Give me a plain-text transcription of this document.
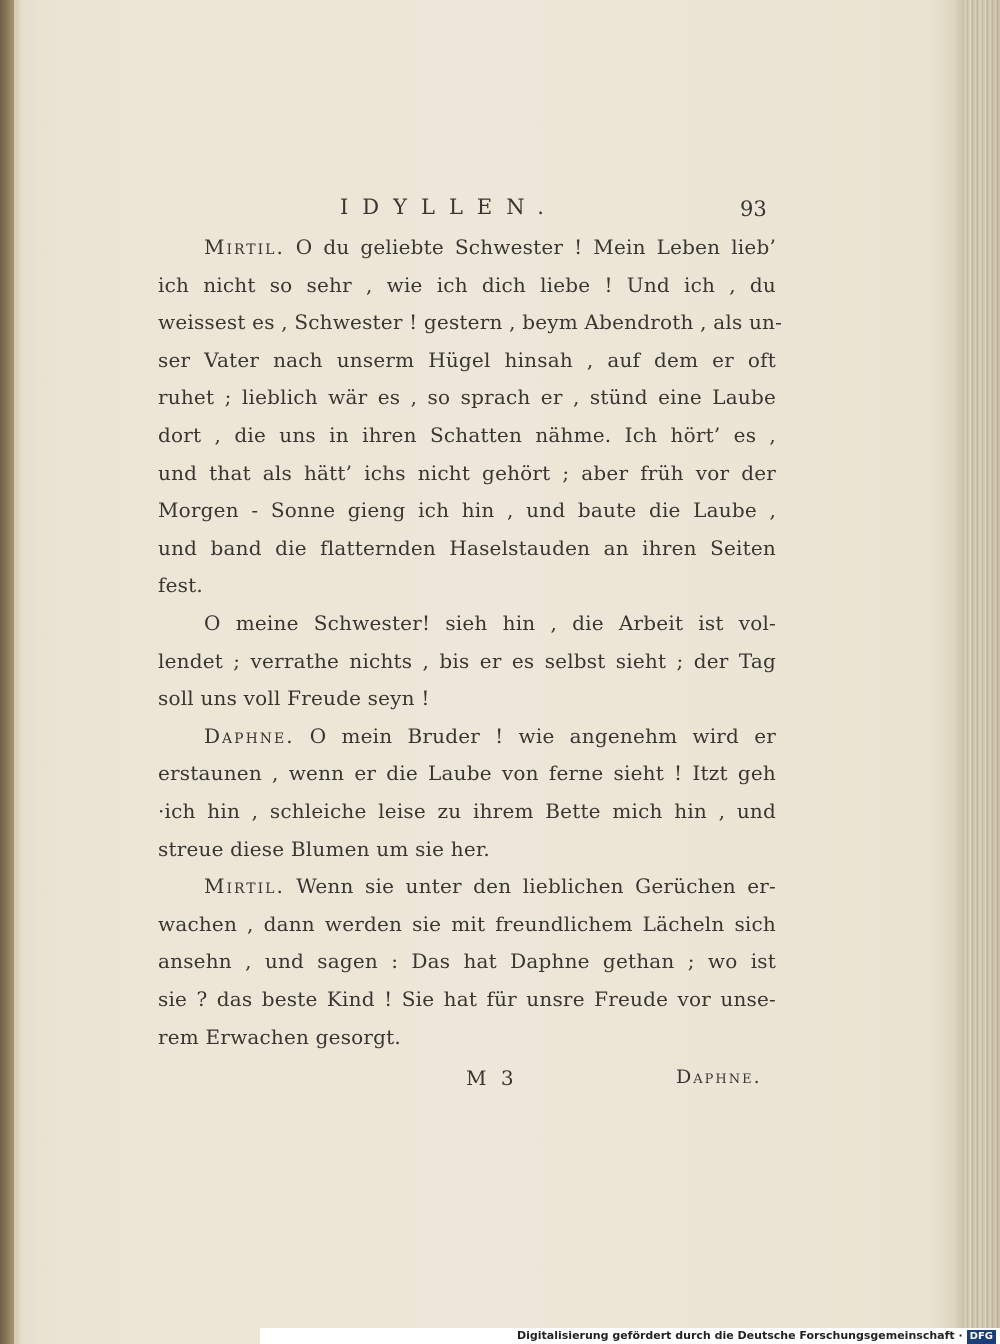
IDYLLEN.	93
Mirtil. O du geliebte Schwester ! Mein Leben lieb’
ich nicht so sehr , wie ich dich liebe ! Und ich , du
weissest es , Schwester ! gestern , beym Abendroth , als un-
ser Vater nach unserm Hügel hinsah , auf dem er oft
ruhet ; lieblich wär es , so sprach er , stünd eine Laube
dort , die uns in ihren Schatten nähme. Ich hört’ es ,
und that als hätt’ ichs nicht gehört ; aber früh vor der
Morgen - Sonne gieng ich hin , und baute die Laube ,
und band die flatternden Haselstauden an ihren Seiten
fest.
O meine Schwester! sieh hin , die Arbeit ist vol-
lendet ; verrathe nichts , bis er es selbst sieht ; der Tag
soll uns voll Freude seyn !
Daphne. O mein Bruder ! wie angenehm wird er
erstaunen , wenn er die Laube von ferne sieht ! Itzt geh
·ich hin , schleiche leise zu ihrem Bette mich hin , und
streue diese Blumen um sie her.
Mirtil. Wenn sie unter den lieblichen Gerüchen er-
wachen , dann werden sie mit freundlichem Lächeln sich
ansehn , und sagen : Das hat Daphne gethan ; wo ist
sie ? das beste Kind ! Sie hat für unsre Freude vor unse-
rem Erwachen gesorgt.
M 3	Daphne.
Digitalisierung gefördert durch die Deutsche Forschungsgemeinschaft · DFG
